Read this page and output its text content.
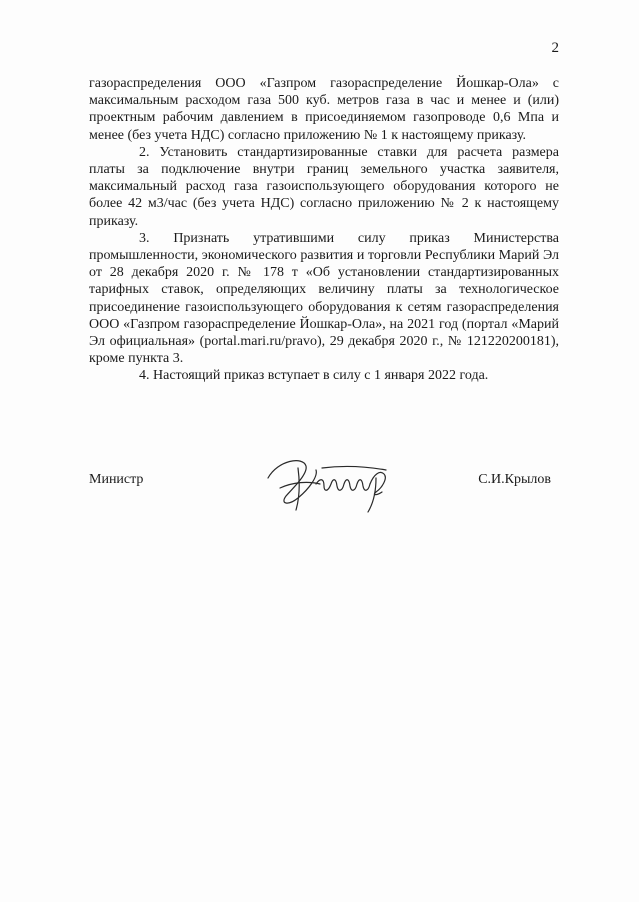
2

газораспределения ООО «Газпром газораспределение Йошкар-Ола» с максимальным расходом газа 500 куб. метров газа в час и менее и (или) проектным рабочим давлением в присоединяемом газопроводе 0,6 Мпа и менее (без учета НДС) согласно приложению № 1 к настоящему приказу.

2. Установить стандартизированные ставки для расчета размера платы за подключение внутри границ земельного участка заявителя, максимальный расход газа газоиспользующего оборудования которого не более 42 м3/час (без учета НДС) согласно приложению № 2 к настоящему приказу.

3. Признать утратившими силу приказ Министерства промышленности, экономического развития и торговли Республики Марий Эл от 28 декабря 2020 г. № 178 т «Об установлении стандартизированных тарифных ставок, определяющих величину платы за технологическое присоединение газоиспользующего оборудования к сетям газораспределения ООО «Газпром газораспределение Йошкар-Ола», на 2021 год (портал «Марий Эл официальная» (portal.mari.ru/pravo), 29 декабря 2020 г., № 121220200181), кроме пункта 3.

4. Настоящий приказ вступает в силу с 1 января 2022 года.

Министр	С.И.Крылов
